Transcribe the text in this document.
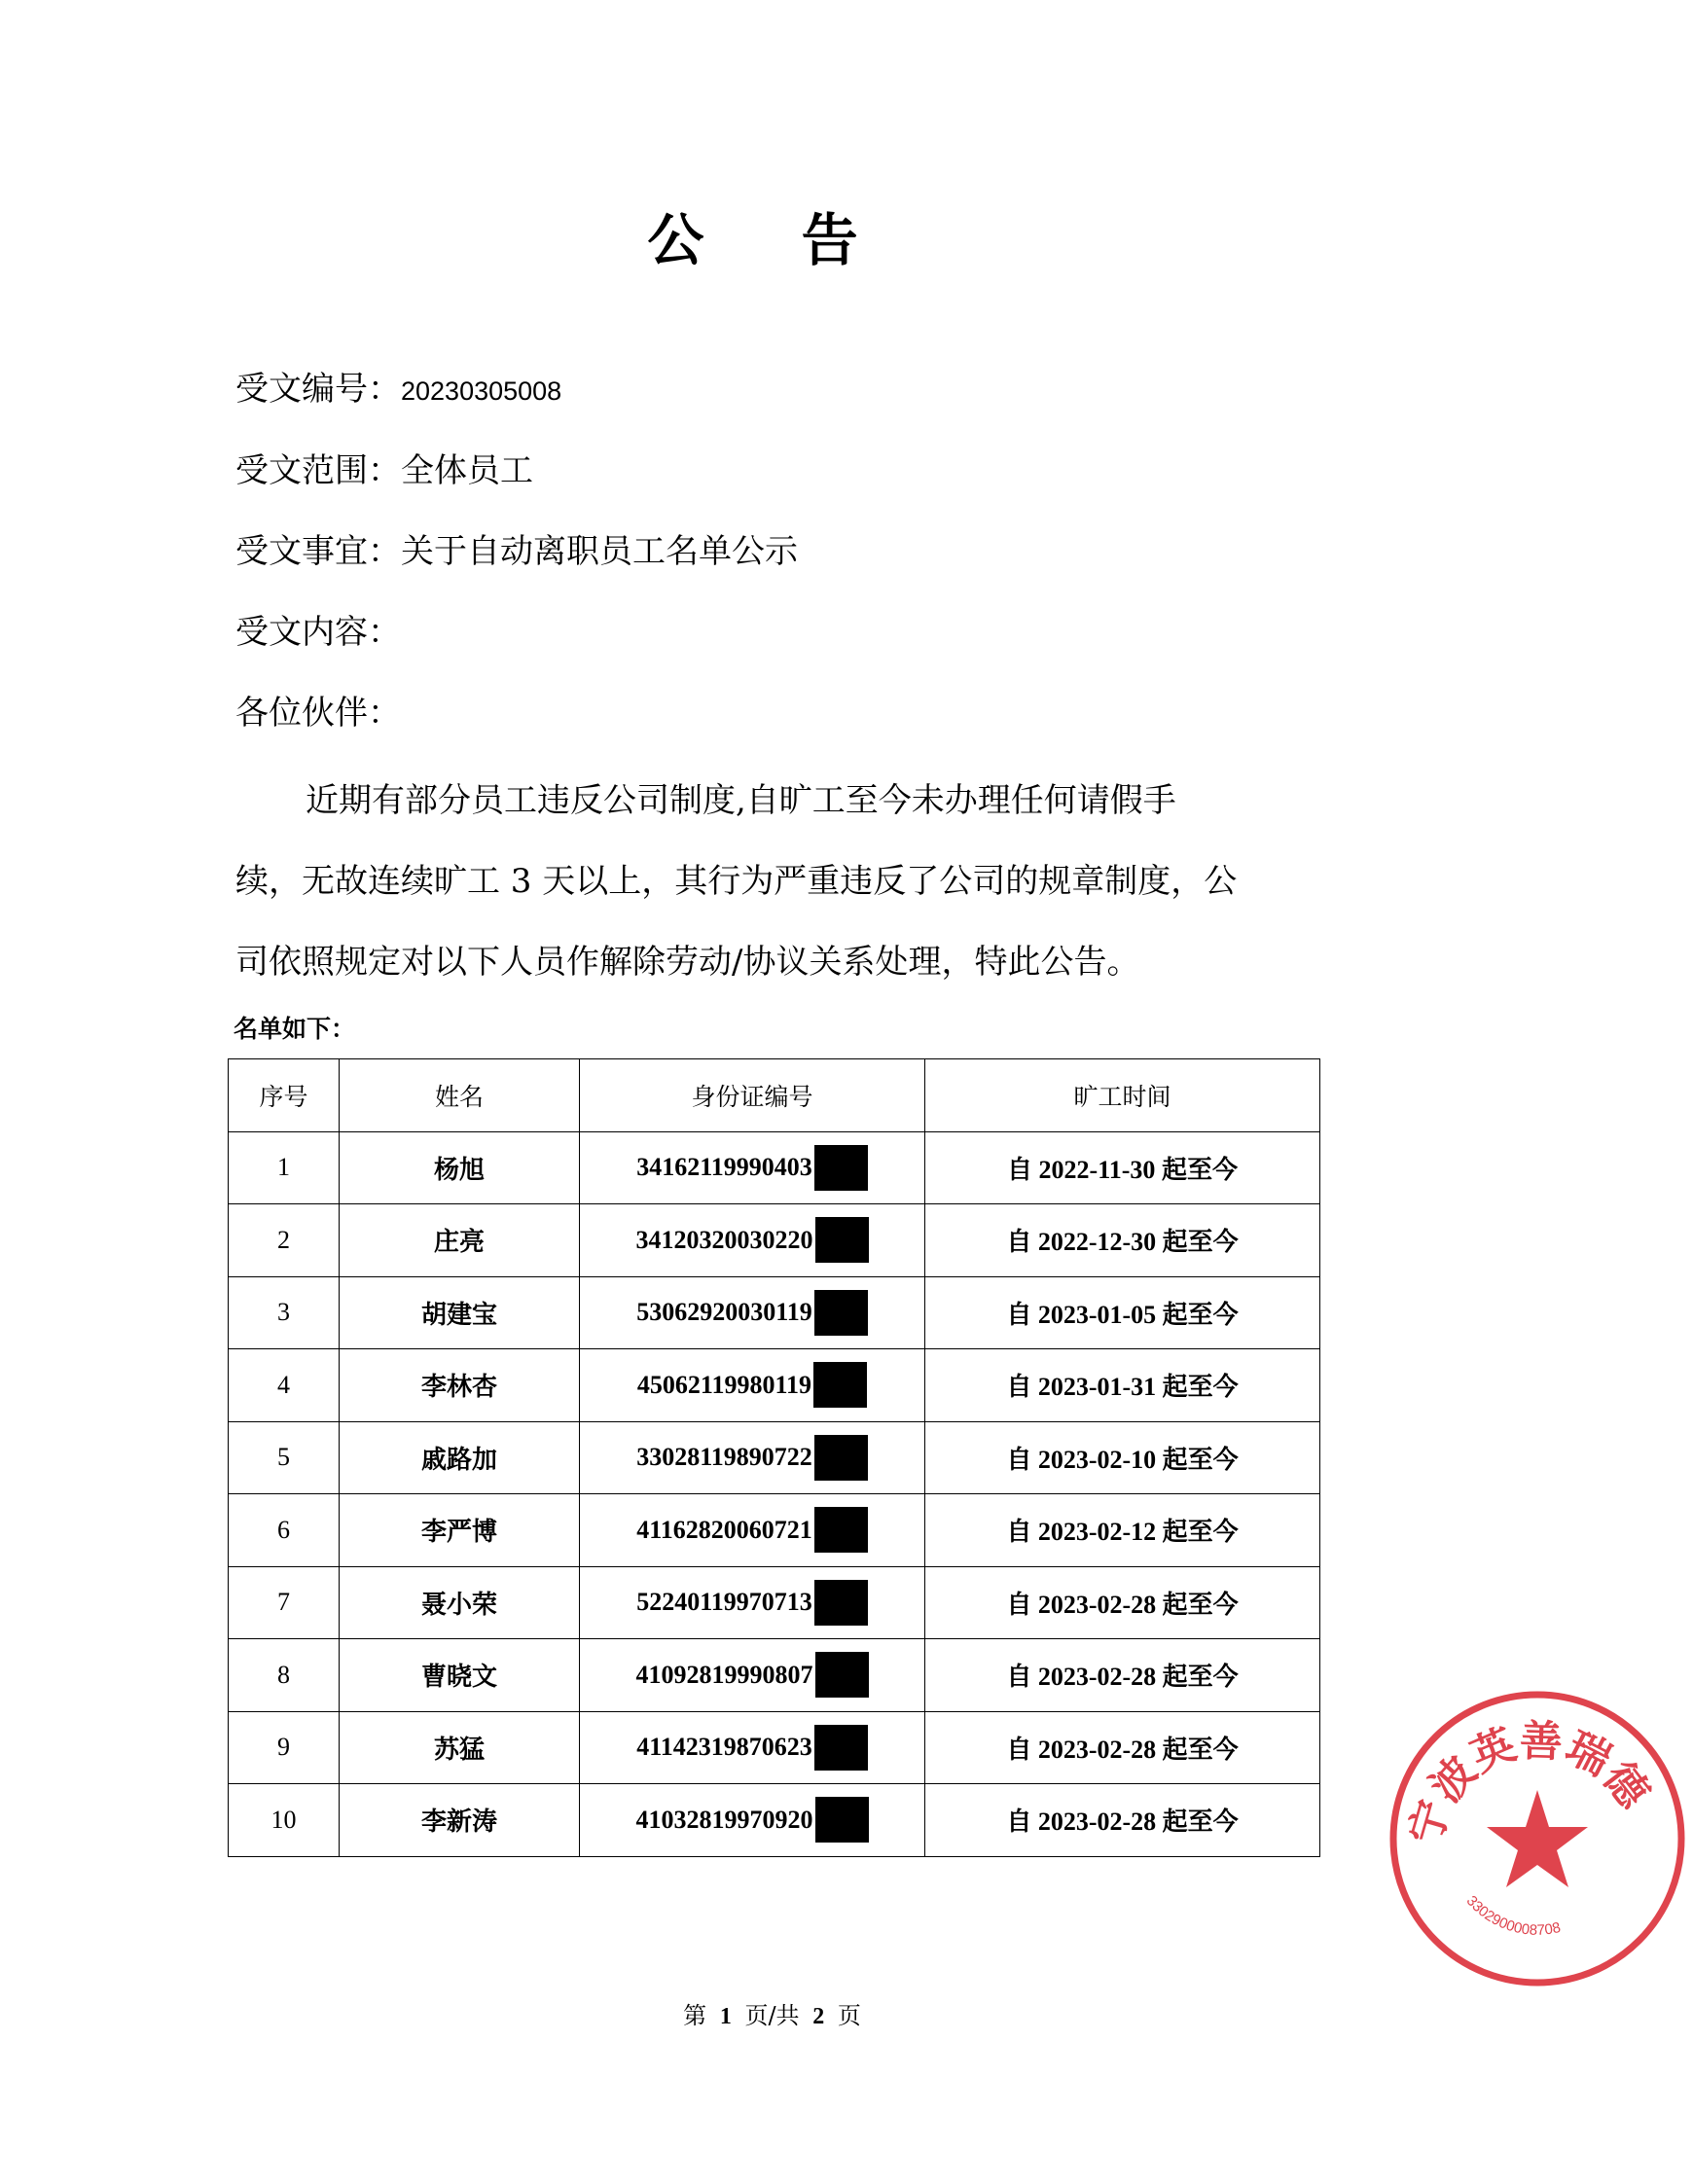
公 告
受文编号：20230305008
受文范围：全体员工
受文事宜：关于自动离职员工名单公示
受文内容：
各位伙伴：
近期有部分员工违反公司制度,自旷工至今未办理任何请假手
续，无故连续旷工 3 天以上，其行为严重违反了公司的规章制度，公
司依照规定对以下人员作解除劳动/协议关系处理，特此公告。
名单如下：
序号	姓名	身份证编号	旷工时间
1	杨旭	34162119990403	自 2022-11-30 起至今
2	庄亮	34120320030220	自 2022-12-30 起至今
3	胡建宝	53062920030119	自 2023-01-05 起至今
4	李林杏	45062119980119	自 2023-01-31 起至今
5	戚路加	33028119890722	自 2023-02-10 起至今
6	李严博	41162820060721	自 2023-02-12 起至今
7	聂小荣	52240119970713	自 2023-02-28 起至今
8	曹晓文	41092819990807	自 2023-02-28 起至今
9	苏猛	41142319870623	自 2023-02-28 起至今
10	李新涛	41032819970920	自 2023-02-28 起至今
第 1 页/共 2 页
宁波英善瑞德
3302900008708
